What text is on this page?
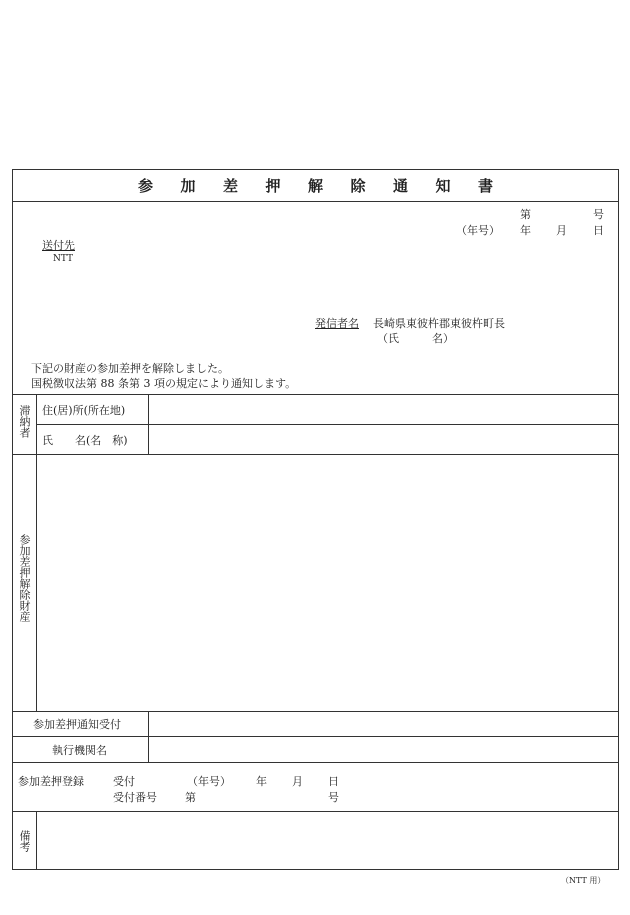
参	加	差	押	解	除	通	知	書
第	号
（年号） 年 月 日
送付先
NTT
発信者名 長崎県東彼杵郡東彼杵町長
（氏　　　名）
下記の財産の参加差押を解除しました。
国税徴収法第 88 条第 3 項の規定により通知します。
滞納者 住(居)所(所在地)
氏　　名(名　称)
参加差押解除財産
参加差押通知受付
執行機関名
参加差押登録	受付	（年号） 年 月 日
受付番号	第	号
備考
（NTT 用）
